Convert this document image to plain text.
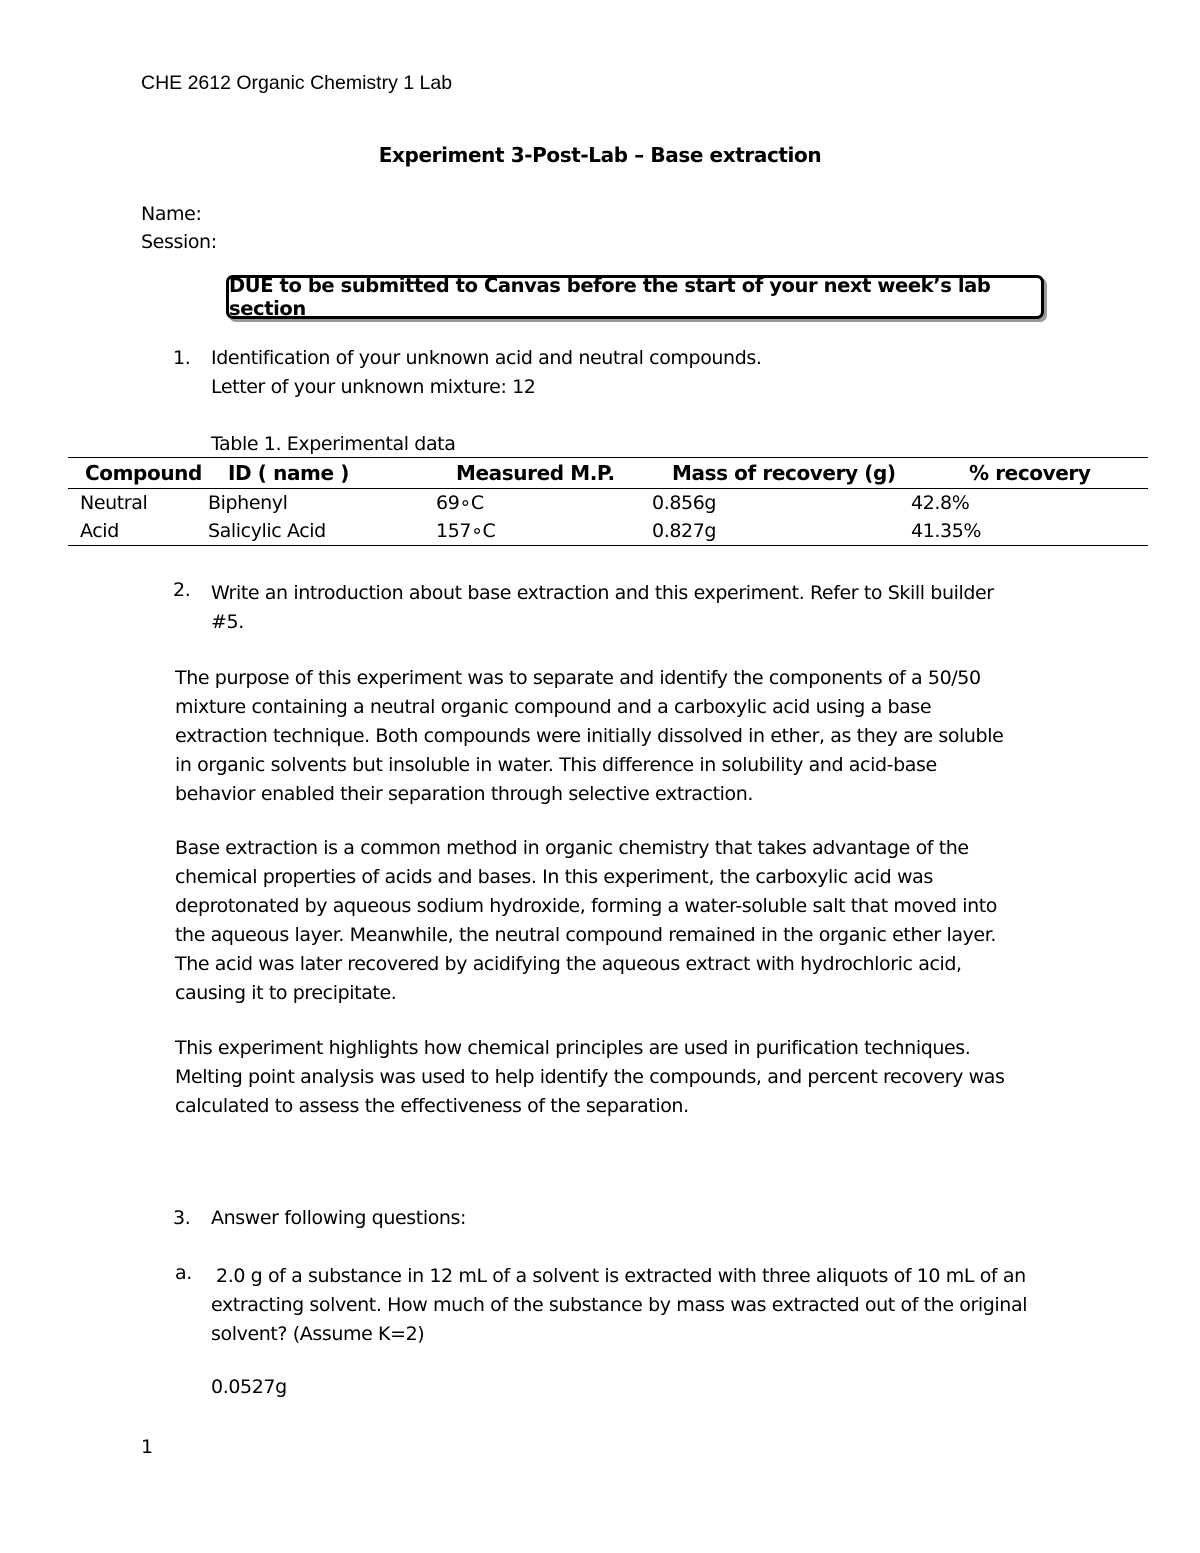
CHE 2612 Organic Chemistry 1 Lab
Experiment 3-Post-Lab – Base extraction
Name:
Session:
DUE to be submitted to Canvas before the start of your next week’s lab section
1. Identification of your unknown acid and neutral compounds.
Letter of your unknown mixture: 12
Table 1. Experimental data
Compound	ID ( name )	Measured M.P.	Mass of recovery (g)	% recovery
Neutral	Biphenyl	69∘C	0.856g	42.8%
Acid	Salicylic Acid	157∘C	0.827g	41.35%
2. Write an introduction about base extraction and this experiment. Refer to Skill builder
#5.
The purpose of this experiment was to separate and identify the components of a 50/50
mixture containing a neutral organic compound and a carboxylic acid using a base
extraction technique. Both compounds were initially dissolved in ether, as they are soluble
in organic solvents but insoluble in water. This difference in solubility and acid-base
behavior enabled their separation through selective extraction.
Base extraction is a common method in organic chemistry that takes advantage of the
chemical properties of acids and bases. In this experiment, the carboxylic acid was
deprotonated by aqueous sodium hydroxide, forming a water-soluble salt that moved into
the aqueous layer. Meanwhile, the neutral compound remained in the organic ether layer.
The acid was later recovered by acidifying the aqueous extract with hydrochloric acid,
causing it to precipitate.
This experiment highlights how chemical principles are used in purification techniques.
Melting point analysis was used to help identify the compounds, and percent recovery was
calculated to assess the effectiveness of the separation.
3. Answer following questions:
a. 2.0 g of a substance in 12 mL of a solvent is extracted with three aliquots of 10 mL of an
extracting solvent. How much of the substance by mass was extracted out of the original
solvent? (Assume K=2)
0.0527g
1
